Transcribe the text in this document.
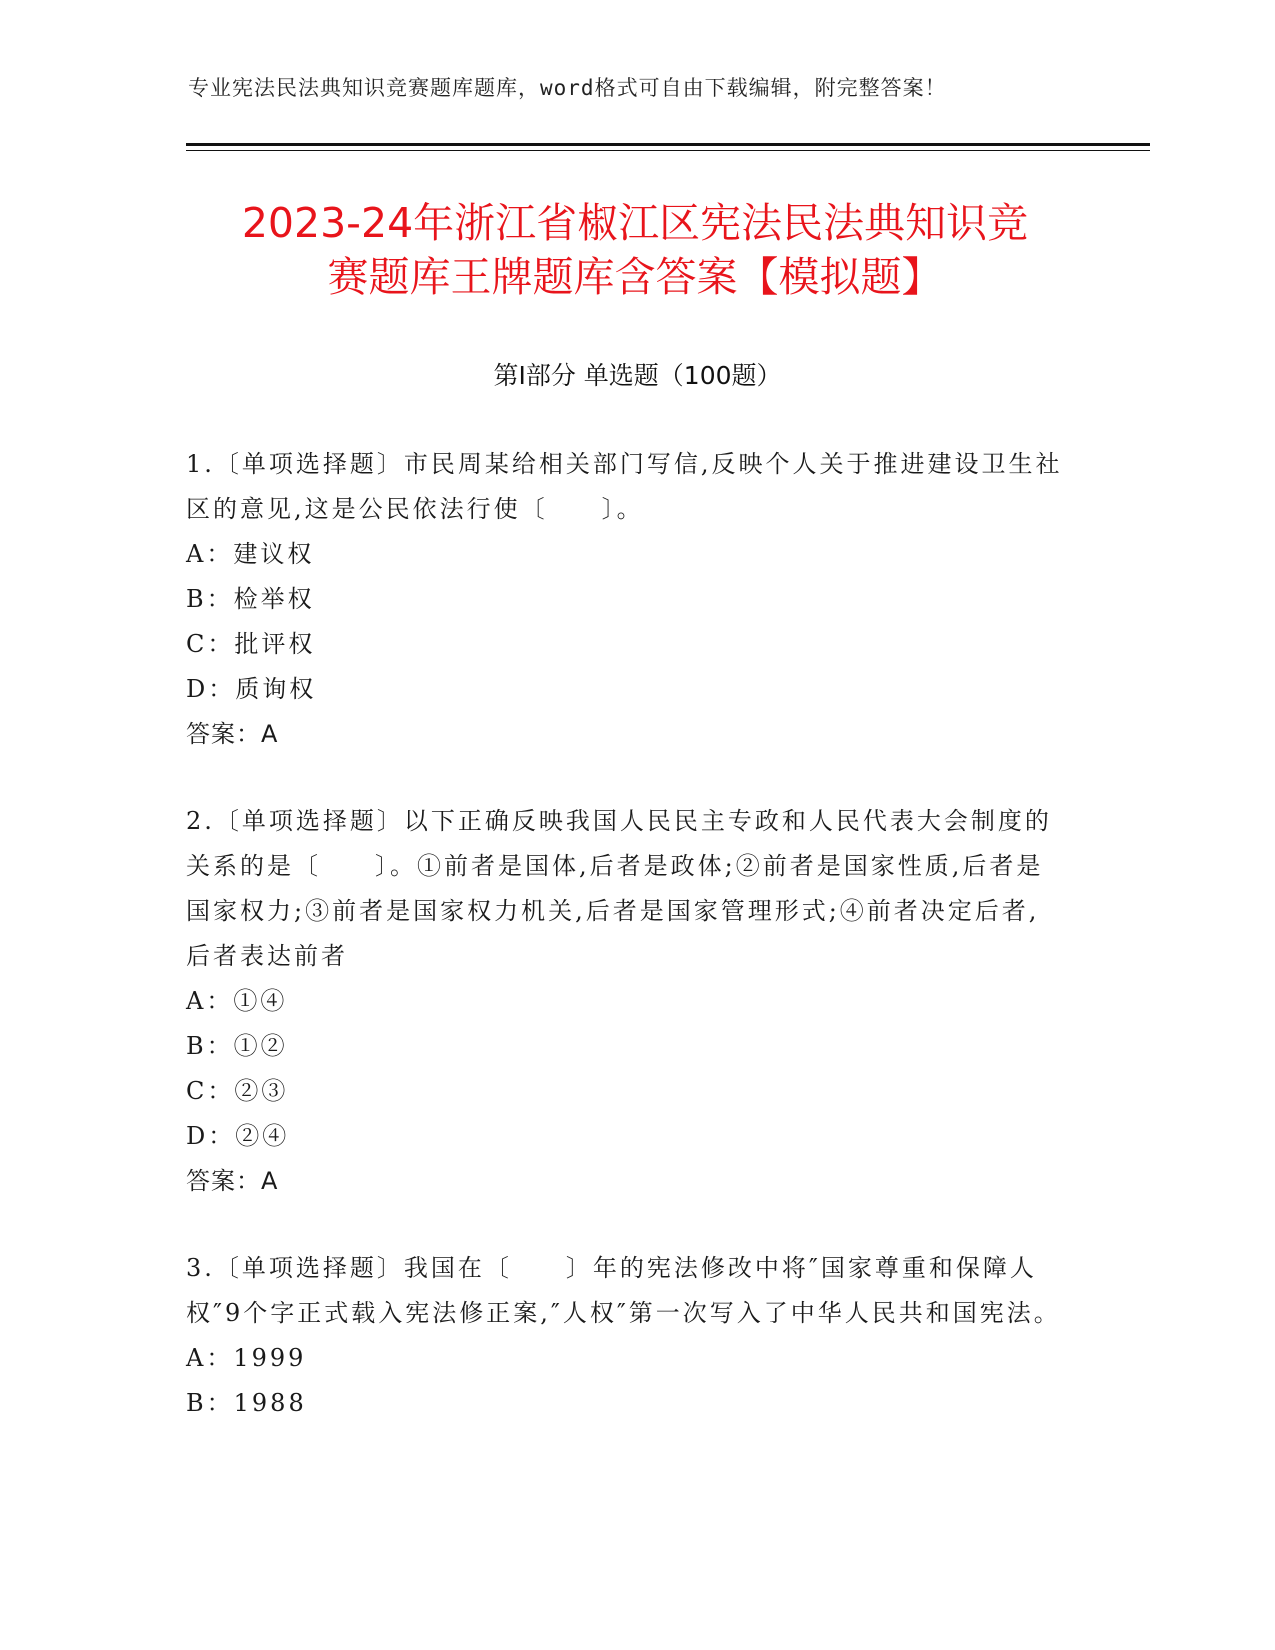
专业宪法民法典知识竞赛题库题库，word格式可自由下载编辑，附完整答案！
2023-24年浙江省椒江区宪法民法典知识竞
赛题库王牌题库含答案【模拟题】
第I部分 单选题（100题）
1.〔单项选择题〕市民周某给相关部门写信,反映个人关于推进建设卫生社区的意见,这是公民依法行使〔　　〕。
A：建议权
B：检举权
C：批评权
D：质询权
答案：A
2.〔单项选择题〕以下正确反映我国人民民主专政和人民代表大会制度的关系的是〔　　〕。①前者是国体,后者是政体;②前者是国家性质,后者是国家权力;③前者是国家权力机关,后者是国家管理形式;④前者决定后者,后者表达前者
A：①④
B：①②
C：②③
D：②④
答案：A
3.〔单项选择题〕我国在〔　　〕年的宪法修改中将″国家尊重和保障人权″9个字正式载入宪法修正案,″人权″第一次写入了中华人民共和国宪法。
A：1999
B：1988
